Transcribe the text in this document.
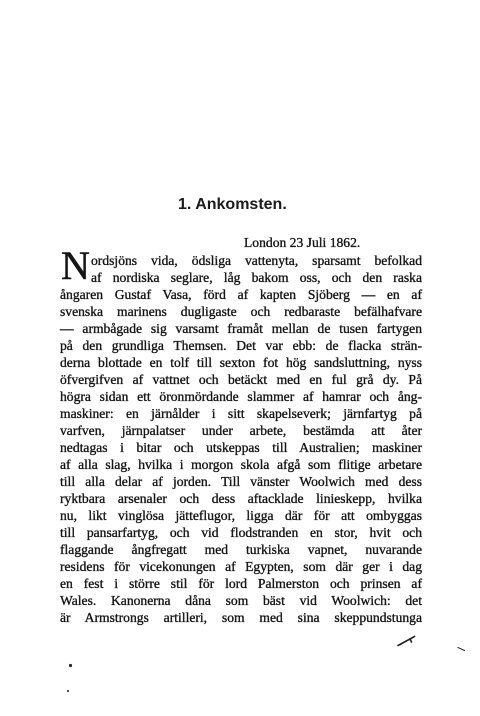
1. Ankomsten.
London 23 Juli 1862.
N ordsjöns vida, ödsliga vattenyta, sparsamt befolkad
af nordiska seglare, låg bakom oss, och den raska
ångaren Gustaf Vasa, förd af kapten Sjöberg — en af
svenska marinens dugligaste och redbaraste befälhafvare
— armbågade sig varsamt framåt mellan de tusen fartygen
på den grundliga Themsen. Det var ebb: de flacka strän-
derna blottade en tolf till sexton fot hög sandsluttning, nyss
öfvergifven af vattnet och betäckt med en ful grå dy. På
högra sidan ett öronmördande slammer af hamrar och ång-
maskiner: en järnålder i sitt skapelseverk; järnfartyg på
varfven, järnpalatser under arbete, bestämda att åter
nedtagas i bitar och utskeppas till Australien; maskiner
af alla slag, hvilka i morgon skola afgå som flitige arbetare
till alla delar af jorden. Till vänster Woolwich med dess
ryktbara arsenaler och dess aftacklade linieskepp, hvilka
nu, likt vinglösa jätteflugor, ligga där för att ombyggas
till pansarfartyg, och vid flodstranden en stor, hvit och
flaggande ångfregatt med turkiska vapnet, nuvarande
residens för vicekonungen af Egypten, som där ger i dag
en fest i större stil för lord Palmerston och prinsen af
Wales. Kanonerna dåna som bäst vid Woolwich: det
är Armstrongs artilleri, som med sina skeppundstunga
